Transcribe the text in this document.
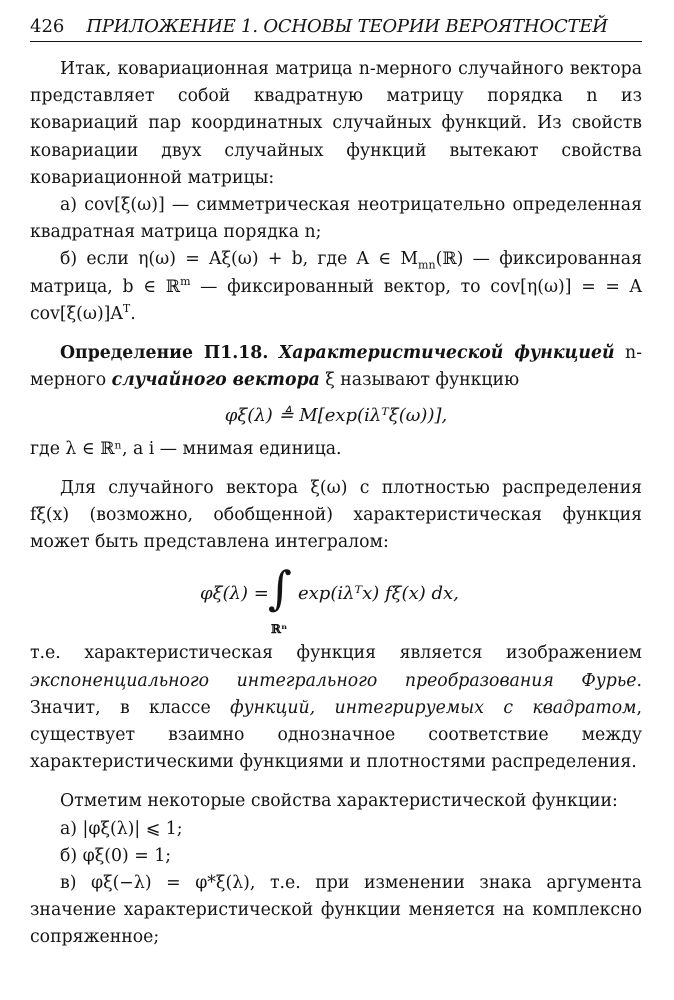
426 ПРИЛОЖЕНИЕ 1. ОСНОВЫ ТЕОРИИ ВЕРОЯТНОСТЕЙ

Итак, ковариационная матрица n-мерного случайного вектора представляет собой квадратную матрицу порядка n из ковариаций пар координатных случайных функций. Из свойств ковариации двух случайных функций вытекают свойства ковариационной матрицы:

а) cov[ξ(ω)] — симметрическая неотрицательно определенная квадратная матрица порядка n;

б) если η(ω) = Aξ(ω) + b, где A ∈ $M_{mn}(ℝ)$ — фиксированная матрица, b ∈ ℝ$^m$ — фиксированный вектор, то cov[η(ω)] = = A $cov[\xi(\omega)]A^T$.

Определение П1.18. Характеристической функцией n-мерного случайного вектора ξ называют функцию

φξ(λ) ≜ M[exp(iλᵀξ(ω))],

где λ ∈ ℝⁿ, а i — мнимая единица.

Для случайного вектора ξ(ω) с плотностью распределения fξ(x) (возможно, обобщенной) характеристическая функция может быть представлена интегралом:

φξ(λ) = ∫
ℝⁿ
exp(iλᵀx) fξ(x) dx,

т.е. характеристическая функция является изображением экспоненциального интегрального преобразования Фурье. Значит, в классе функций, интегрируемых с квадратом, существует взаимно однозначное соответствие между характеристическими функциями и плотностями распределения.

Отметим некоторые свойства характеристической функции:

а) |φξ(λ)| ⩽ 1;

б) φξ(0) = 1;

в) φξ(−λ) = φ*ξ(λ), т.е. при изменении знака аргумента значение характеристической функции меняется на комплексно сопряженное;
